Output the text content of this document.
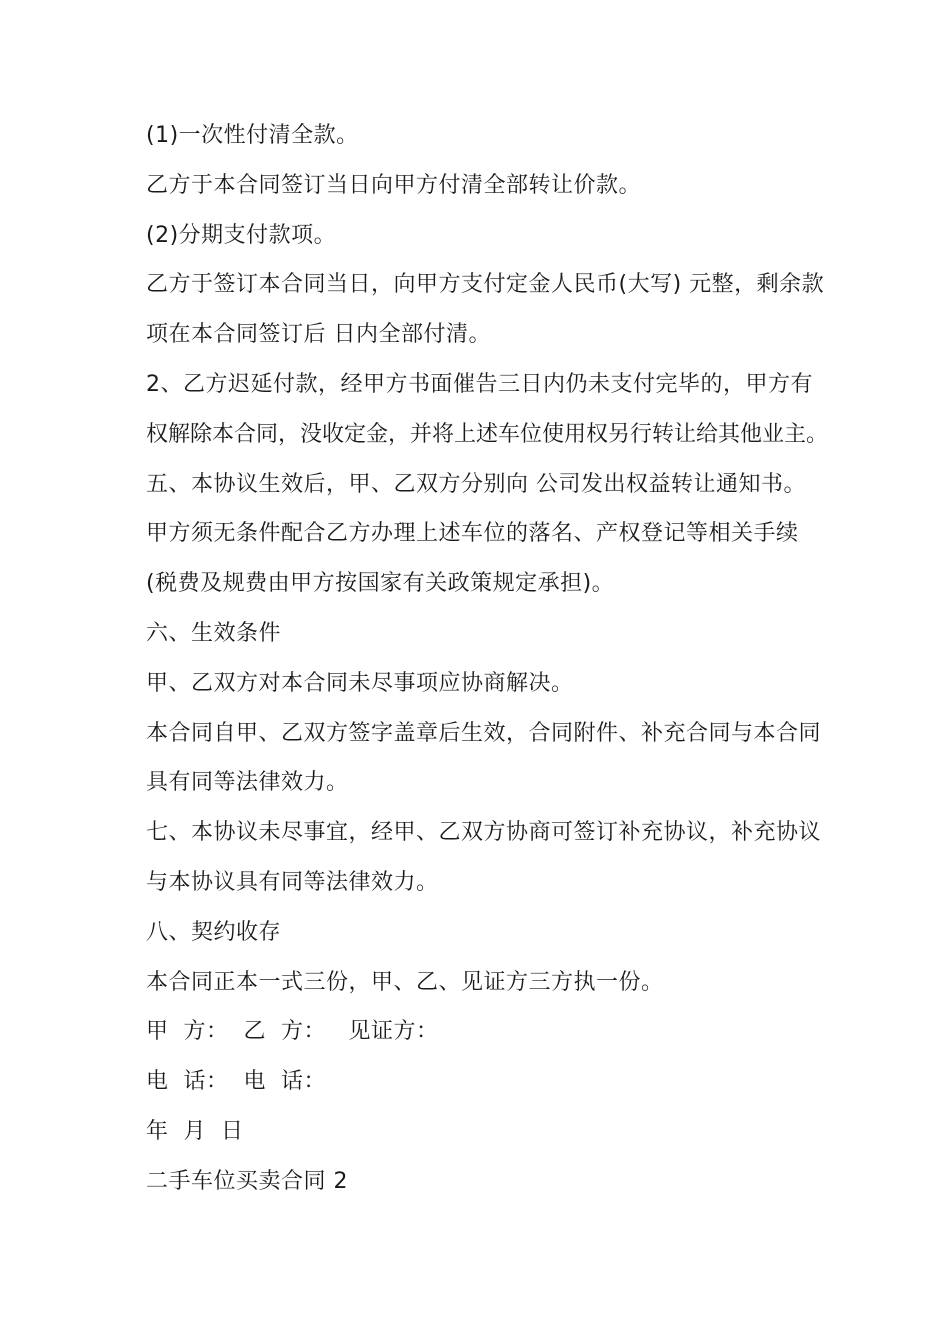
(1)一次性付清全款。
乙方于本合同签订当日向甲方付清全部转让价款。
(2)分期支付款项。
乙方于签订本合同当日，向甲方支付定金人民币(大写) 元整，剩余款
项在本合同签订后 日内全部付清。
2、乙方迟延付款，经甲方书面催告三日内仍未支付完毕的，甲方有
权解除本合同，没收定金，并将上述车位使用权另行转让给其他业主。
五、本协议生效后，甲、乙双方分别向 公司发出权益转让通知书。
甲方须无条件配合乙方办理上述车位的落名、产权登记等相关手续
(税费及规费由甲方按国家有关政策规定承担)。
六、生效条件
甲、乙双方对本合同未尽事项应协商解决。
本合同自甲、乙双方签字盖章后生效，合同附件、补充合同与本合同
具有同等法律效力。
七、本协议未尽事宜，经甲、乙双方协商可签订补充协议，补充协议
与本协议具有同等法律效力。
八、契约收存
本合同正本一式三份，甲、乙、见证方三方执一份。
甲  方：  乙  方：   见证方：
电  话：  电  话：
年  月  日
二手车位买卖合同 2
